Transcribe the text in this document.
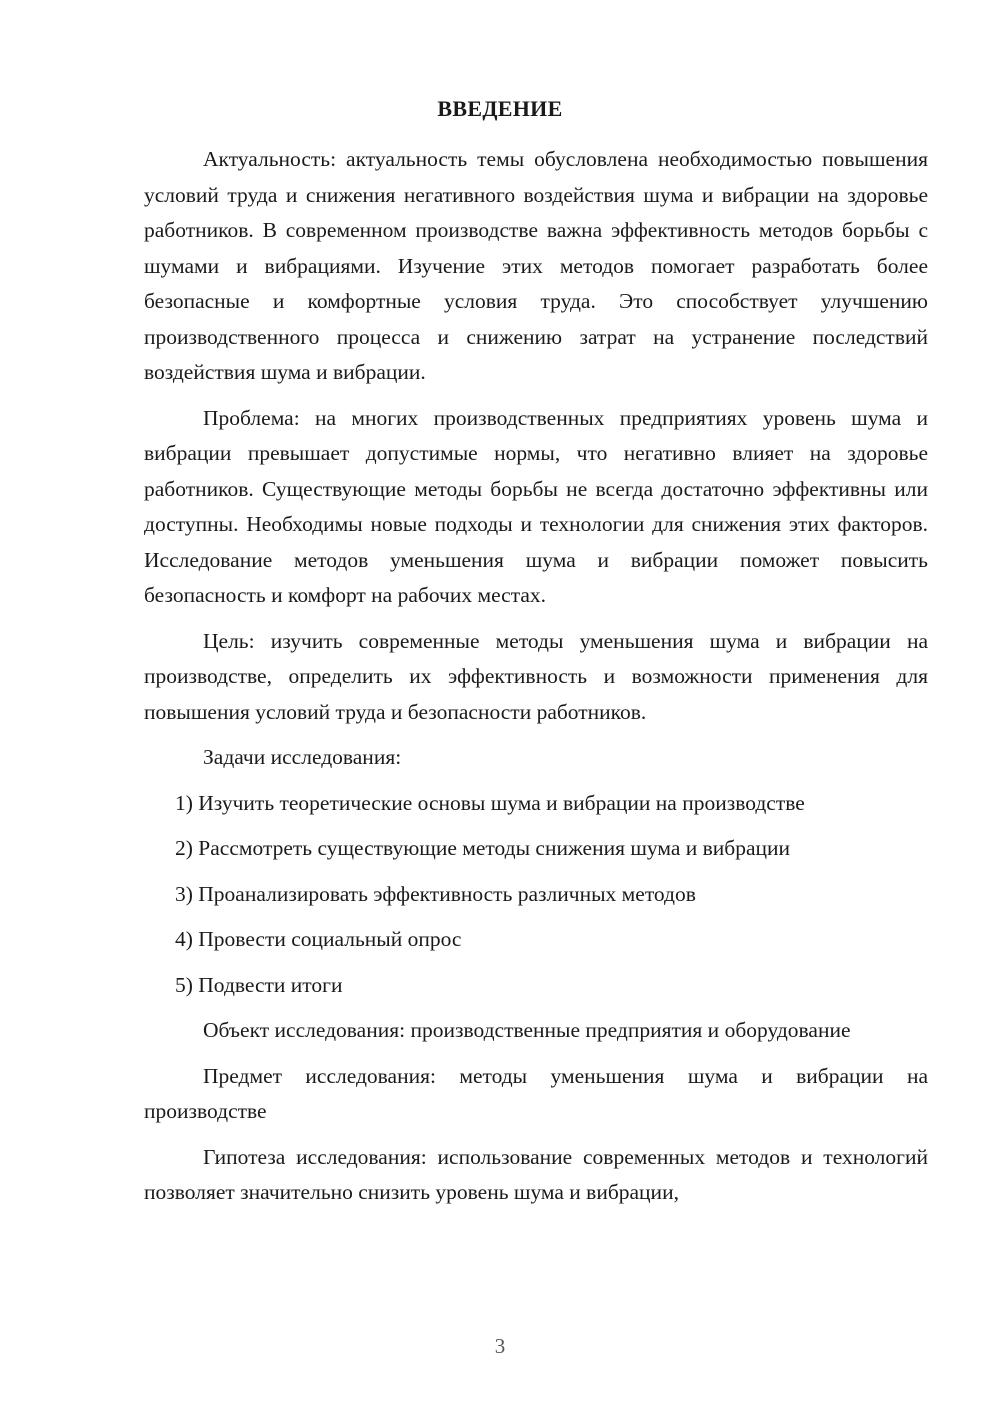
ВВЕДЕНИЕ

Актуальность: актуальность темы обусловлена необходимостью повышения условий труда и снижения негативного воздействия шума и вибрации на здоровье работников. В современном производстве важна эффективность методов борьбы с шумами и вибрациями. Изучение этих методов помогает разработать более безопасные и комфортные условия труда. Это способствует улучшению производственного процесса и снижению затрат на устранение последствий воздействия шума и вибрации.

Проблема: на многих производственных предприятиях уровень шума и вибрации превышает допустимые нормы, что негативно влияет на здоровье работников. Существующие методы борьбы не всегда достаточно эффективны или доступны. Необходимы новые подходы и технологии для снижения этих факторов. Исследование методов уменьшения шума и вибрации поможет повысить безопасность и комфорт на рабочих местах.

Цель: изучить современные методы уменьшения шума и вибрации на производстве, определить их эффективность и возможности применения для повышения условий труда и безопасности работников.

Задачи исследования:

1) Изучить теоретические основы шума и вибрации на производстве

2) Рассмотреть существующие методы снижения шума и вибрации

3) Проанализировать эффективность различных методов

4) Провести социальный опрос

5) Подвести итоги

Объект исследования: производственные предприятия и оборудование

Предмет исследования: методы уменьшения шума и вибрации на производстве

Гипотеза исследования: использование современных методов и технологий позволяет значительно снизить уровень шума и вибрации,

3
